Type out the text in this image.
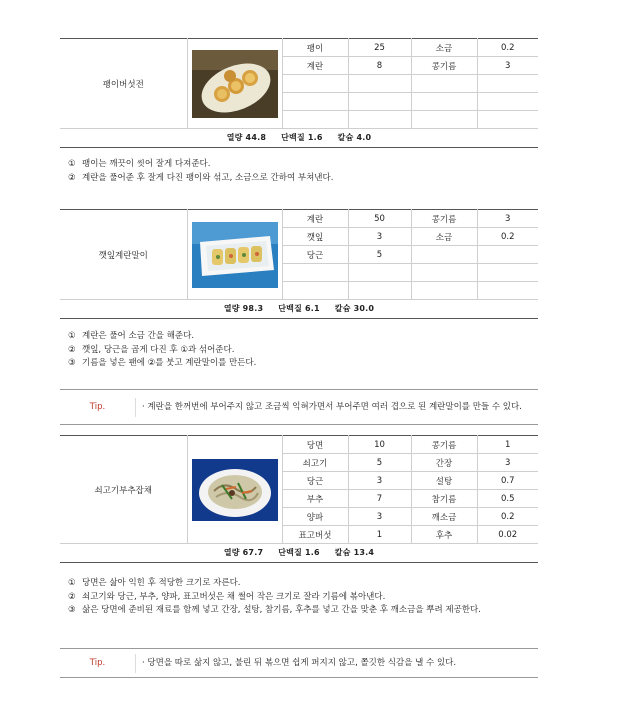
팽이버섯전		팽이	25	소금	0.2
		계란	8	콩기름	3

열량 44.8 단백질 1.6 칼슘 4.0
① 팽이는 깨끗이 씻어 잘게 다져준다.
② 계란을 풀어준 후 잘게 다진 팽이와 섞고, 소금으로 간하여 부쳐낸다.
깻잎계란말이		계란	50	콩기름	3
		깻잎	3	소금	0.2
		당근	5		

열량 98.3 단백질 6.1 칼슘 30.0
① 계란은 풀어 소금 간을 해준다.
② 깻잎, 당근을 곱게 다진 후 ①과 섞어준다.
③ 기름을 넣은 팬에 ②를 붓고 계란말이를 만든다.
Tip.	· 계란을 한꺼번에 부어주지 않고 조금씩 익혀가면서 부어주면 여러 겹으로 된 계란말이를 만들 수 있다.
쇠고기부추잡채		당면	10	콩기름	1
		쇠고기	5	간장	3
		당근	3	설탕	0.7
		부추	7	참기름	0.5
		양파	3	깨소금	0.2
		표고버섯	1	후추	0.02
열량 67.7 단백질 1.6 칼슘 13.4
① 당면은 삶아 익힌 후 적당한 크기로 자른다.
② 쇠고기와 당근, 부추, 양파, 표고버섯은 채 썰어 작은 크기로 잘라 기름에 볶아낸다.
③ 삶은 당면에 준비된 재료를 함께 넣고 간장, 설탕, 참기름, 후추를 넣고 간을 맞춘 후 깨소금을 뿌려 제공한다.
Tip.	· 당면을 따로 삶지 않고, 불린 뒤 볶으면 쉽게 퍼지지 않고, 쫄깃한 식감을 낼 수 있다.
